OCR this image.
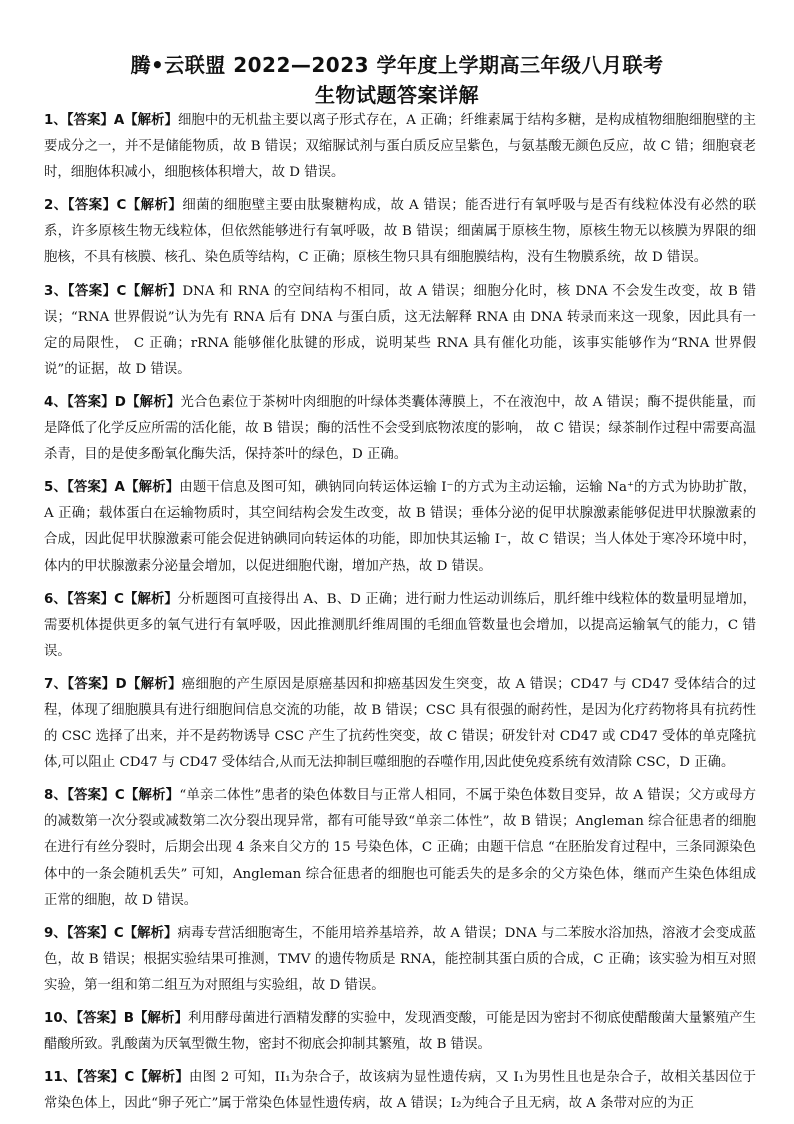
腾•云联盟 2022—2023 学年度上学期高三年级八月联考
生物试题答案详解
1、【答案】A【解析】细胞中的无机盐主要以离子形式存在，A 正确；纤维素属于结构多糖，是构成植物细胞细胞壁的主要成分之一，并不是储能物质，故 B 错误；双缩脲试剂与蛋白质反应呈紫色，与氨基酸无颜色反应，故 C 错；细胞衰老时，细胞体积减小，细胞核体积增大，故 D 错误。
2、【答案】C【解析】细菌的细胞壁主要由肽聚糖构成，故 A 错误；能否进行有氧呼吸与是否有线粒体没有必然的联系，许多原核生物无线粒体，但依然能够进行有氧呼吸，故 B 错误；细菌属于原核生物，原核生物无以核膜为界限的细胞核，不具有核膜、核孔、染色质等结构，C 正确；原核生物只具有细胞膜结构，没有生物膜系统，故 D 错误。
3、【答案】C【解析】DNA 和 RNA 的空间结构不相同，故 A 错误；细胞分化时，核 DNA 不会发生改变，故 B 错误；“RNA 世界假说”认为先有 RNA 后有 DNA 与蛋白质，这无法解释 RNA 由 DNA 转录而来这一现象，因此具有一定的局限性， C 正确；rRNA 能够催化肽键的形成，说明某些 RNA 具有催化功能，该事实能够作为“RNA 世界假说”的证据，故 D 错误。
4、【答案】D【解析】光合色素位于茶树叶肉细胞的叶绿体类囊体薄膜上，不在液泡中，故 A 错误；酶不提供能量，而是降低了化学反应所需的活化能，故 B 错误；酶的活性不会受到底物浓度的影响， 故 C 错误；绿茶制作过程中需要高温杀青，目的是使多酚氧化酶失活，保持茶叶的绿色，D 正确。
5、【答案】A【解析】由题干信息及图可知，碘钠同向转运体运输 I⁻的方式为主动运输，运输 Na⁺的方式为协助扩散，A 正确；载体蛋白在运输物质时，其空间结构会发生改变，故 B 错误；垂体分泌的促甲状腺激素能够促进甲状腺激素的合成，因此促甲状腺激素可能会促进钠碘同向转运体的功能，即加快其运输 I⁻，故 C 错误；当人体处于寒冷环境中时，体内的甲状腺激素分泌量会增加，以促进细胞代谢，增加产热，故 D 错误。
6、【答案】C【解析】分析题图可直接得出 A、B、D 正确；进行耐力性运动训练后，肌纤维中线粒体的数量明显增加，需要机体提供更多的氧气进行有氧呼吸，因此推测肌纤维周围的毛细血管数量也会增加，以提高运输氧气的能力，C 错误。
7、【答案】D【解析】癌细胞的产生原因是原癌基因和抑癌基因发生突变，故 A 错误；CD47 与 CD47 受体结合的过程，体现了细胞膜具有进行细胞间信息交流的功能，故 B 错误；CSC 具有很强的耐药性，是因为化疗药物将具有抗药性的 CSC 选择了出来，并不是药物诱导 CSC 产生了抗药性突变，故 C 错误；研发针对 CD47 或 CD47 受体的单克隆抗体,可以阻止 CD47 与 CD47 受体结合,从而无法抑制巨噬细胞的吞噬作用,因此使免疫系统有效清除 CSC，D 正确。
8、【答案】C【解析】“单亲二体性”患者的染色体数目与正常人相同，不属于染色体数目变异，故 A 错误；父方或母方的减数第一次分裂或减数第二次分裂出现异常，都有可能导致“单亲二体性”，故 B 错误；Angleman 综合征患者的细胞在进行有丝分裂时，后期会出现 4 条来自父方的 15 号染色体，C 正确；由题干信息 “在胚胎发育过程中，三条同源染色体中的一条会随机丢失” 可知，Angleman 综合征患者的细胞也可能丢失的是多余的父方染色体，继而产生染色体组成正常的细胞，故 D 错误。
9、【答案】C【解析】病毒专营活细胞寄生，不能用培养基培养，故 A 错误；DNA 与二苯胺水浴加热，溶液才会变成蓝色，故 B 错误；根据实验结果可推测，TMV 的遗传物质是 RNA，能控制其蛋白质的合成，C 正确；该实验为相互对照实验，第一组和第二组互为对照组与实验组，故 D 错误。
10、【答案】B【解析】利用酵母菌进行酒精发酵的实验中，发现酒变酸，可能是因为密封不彻底使醋酸菌大量繁殖产生醋酸所致。乳酸菌为厌氧型微生物，密封不彻底会抑制其繁殖，故 B 错误。
11、【答案】C【解析】由图 2 可知，II₁为杂合子，故该病为显性遗传病，又 I₁为男性且也是杂合子，故相关基因位于常染色体上，因此“卵子死亡”属于常染色体显性遗传病，故 A 错误；I₂为纯合子且无病，故 A 条带对应的为正
